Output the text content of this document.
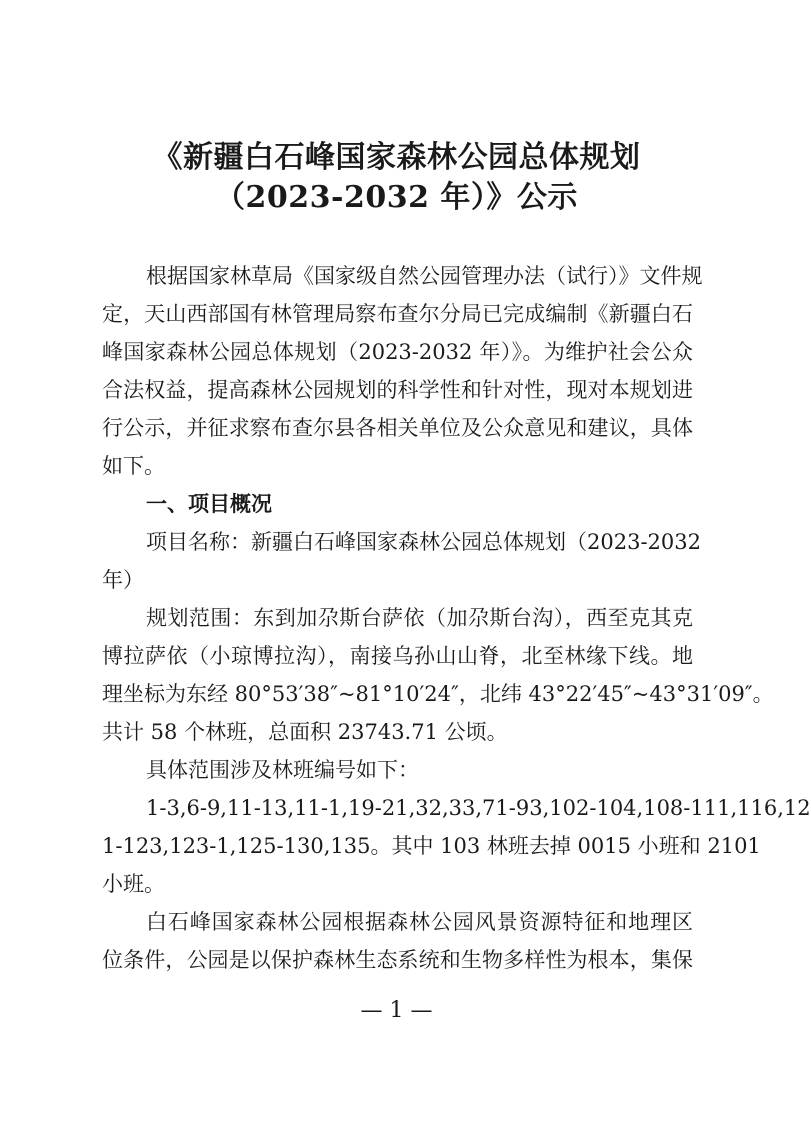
《新疆白石峰国家森林公园总体规划
（2023-2032 年）》公示
根据国家林草局《国家级自然公园管理办法（试行）》文件规
定，天山西部国有林管理局察布查尔分局已完成编制《新疆白石
峰国家森林公园总体规划（2023-2032 年）》。为维护社会公众
合法权益，提高森林公园规划的科学性和针对性，现对本规划进
行公示，并征求察布查尔县各相关单位及公众意见和建议，具体
如下。
一、项目概况
项目名称：新疆白石峰国家森林公园总体规划（2023-2032
年）
规划范围：东到加尕斯台萨依（加尕斯台沟），西至克其克
博拉萨依（小琼博拉沟），南接乌孙山山脊，北至林缘下线。地
理坐标为东经 80°53′38″~81°10′24″，北纬 43°22′45″~43°31′09″。
共计 58 个林班，总面积 23743.71 公顷。
具体范围涉及林班编号如下：
1-3,6-9,11-13,11-1,19-21,32,33,71-93,102-104,108-111,116,12
1-123,123-1,125-130,135。其中 103 林班去掉 0015 小班和 2101
小班。
白石峰国家森林公园根据森林公园风景资源特征和地理区
位条件，公园是以保护森林生态系统和生物多样性为根本，集保
— 1 —
